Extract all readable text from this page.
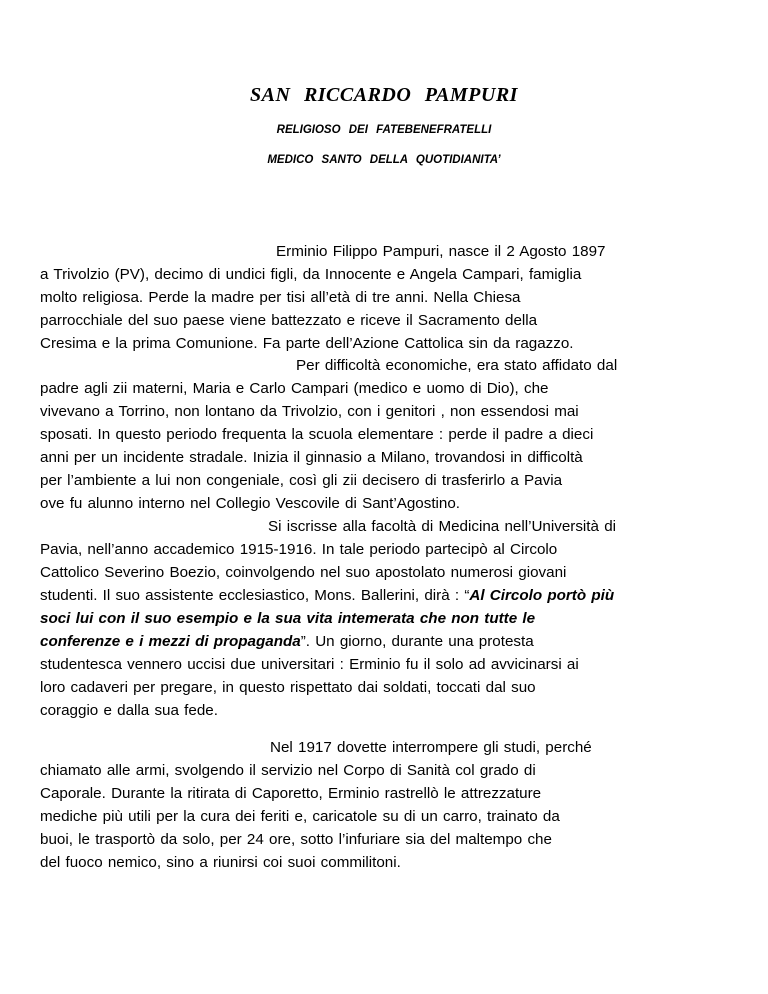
SAN RICCARDO PAMPURI
RELIGIOSO DEI FATEBENEFRATELLI
MEDICO SANTO DELLA QUOTIDIANITA’
Erminio Filippo Pampuri, nasce il 2 Agosto 1897
a Trivolzio (PV), decimo di undici figli, da Innocente e Angela Campari, famiglia
molto religiosa. Perde la madre per tisi all’età di tre anni. Nella Chiesa
parrocchiale del suo paese viene battezzato e riceve il Sacramento della
Cresima e la prima Comunione. Fa parte dell’Azione Cattolica sin da ragazzo.
Per difficoltà economiche, era stato affidato dal
padre agli zii materni, Maria e Carlo Campari (medico e uomo di Dio), che
vivevano a Torrino, non lontano da Trivolzio, con i genitori , non essendosi mai
sposati. In questo periodo frequenta la scuola elementare : perde il padre a dieci
anni per un incidente stradale. Inizia il ginnasio a Milano, trovandosi in difficoltà
per l’ambiente a lui non congeniale, così gli zii decisero di trasferirlo a Pavia
ove fu alunno interno nel Collegio Vescovile di Sant’Agostino.
Si iscrisse alla facoltà di Medicina nell’Università di
Pavia, nell’anno accademico 1915-1916. In tale periodo partecipò al Circolo
Cattolico Severino Boezio, coinvolgendo nel suo apostolato numerosi giovani
studenti. Il suo assistente ecclesiastico, Mons. Ballerini, dirà : “Al Circolo portò più
soci lui con il suo esempio e la sua vita intemerata che non tutte le
conferenze e i mezzi di propaganda”. Un giorno, durante una protesta
studentesca vennero uccisi due universitari : Erminio fu il solo ad avvicinarsi ai
loro cadaveri per pregare, in questo rispettato dai soldati, toccati dal suo
coraggio e dalla sua fede.
Nel 1917 dovette interrompere gli studi, perché
chiamato alle armi, svolgendo il servizio nel Corpo di Sanità col grado di
Caporale. Durante la ritirata di Caporetto, Erminio rastrellò le attrezzature
mediche più utili per la cura dei feriti e, caricatole su di un carro, trainato da
buoi, le trasportò da solo, per 24 ore, sotto l’infuriare sia del maltempo che
del fuoco nemico, sino a riunirsi coi suoi commilitoni.
